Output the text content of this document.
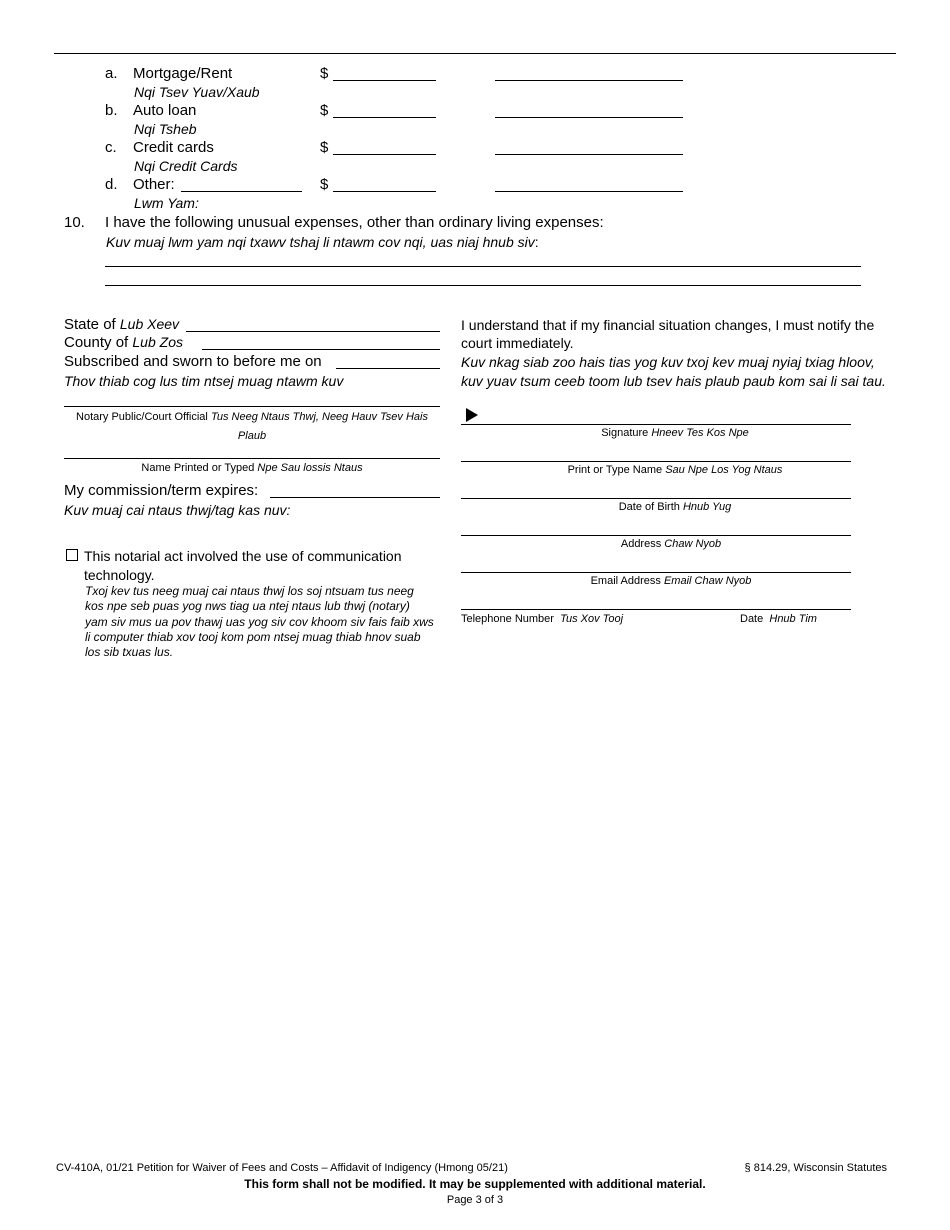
a. Mortgage/Rent
Nqi Tsev Yuav/Xaub
$
b. Auto loan
Nqi Tsheb
$
c. Credit cards
Nqi Credit Cards
$
d. Other:
Lwm Yam:
$
10. I have the following unusual expenses, other than ordinary living expenses:
Kuv muaj lwm yam nqi txawv tshaj li ntawm cov nqi, uas niaj hnub siv:
State of Lub Xeev
County of Lub Zos
Subscribed and sworn to before me on
Thov thiab cog lus tim ntsej muag ntawm kuv
Notary Public/Court Official Tus Neeg Ntaus Thwj, Neeg Hauv Tsev Hais
Plaub
Name Printed or Typed Npe Sau lossis Ntaus
My commission/term expires:
Kuv muaj cai ntaus thwj/tag kas nuv:
This notarial act involved the use of communication
technology.
Txoj kev tus neeg muaj cai ntaus thwj los soj ntsuam tus neeg
kos npe seb puas yog nws tiag ua ntej ntaus lub thwj (notary)
yam siv mus ua pov thawj uas yog siv cov khoom siv fais faib xws
li computer thiab xov tooj kom pom ntsej muag thiab hnov suab
los sib txuas lus.
I understand that if my financial situation changes, I must notify the
court immediately.
Kuv nkag siab zoo hais tias yog kuv txoj kev muaj nyiaj txiag hloov,
kuv yuav tsum ceeb toom lub tsev hais plaub paub kom sai li sai tau.
Signature Hneev Tes Kos Npe
Print or Type Name Sau Npe Los Yog Ntaus
Date of Birth Hnub Yug
Address Chaw Nyob
Email Address Email Chaw Nyob
Telephone Number Tus Xov Tooj	Date Hnub Tim
CV-410A, 01/21 Petition for Waiver of Fees and Costs – Affidavit of Indigency (Hmong 05/21)	§ 814.29, Wisconsin Statutes
This form shall not be modified. It may be supplemented with additional material.
Page 3 of 3
